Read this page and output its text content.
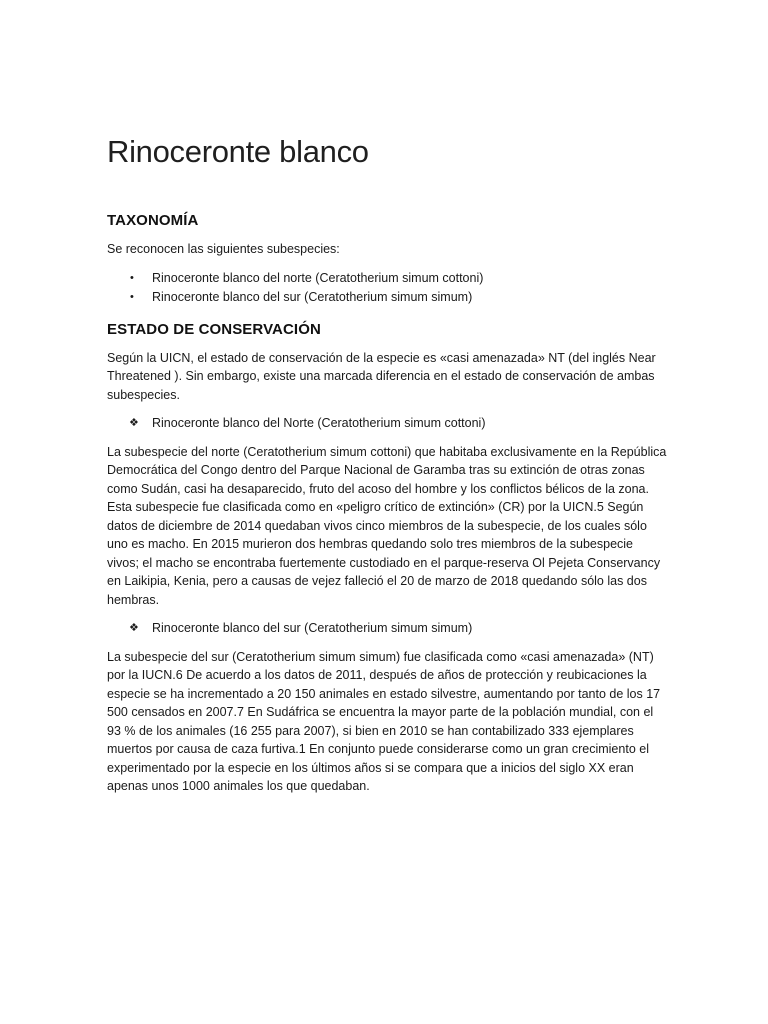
Rinoceronte blanco
TAXONOMÍA

Se reconocen las siguientes subespecies:

•	Rinoceronte blanco del norte (Ceratotherium simum cottoni)
•	Rinoceronte blanco del sur (Ceratotherium simum simum)
ESTADO DE CONSERVACIÓN

Según la UICN, el estado de conservación de la especie es «casi amenazada» NT (del inglés Near Threatened ). Sin embargo, existe una marcada diferencia en el estado de conservación de ambas subespecies.

❖	Rinoceronte blanco del Norte (Ceratotherium simum cottoni)

La subespecie del norte (Ceratotherium simum cottoni) que habitaba exclusivamente en la República Democrática del Congo dentro del Parque Nacional de Garamba tras su extinción de otras zonas como Sudán, casi ha desaparecido, fruto del acoso del hombre y los conflictos bélicos de la zona. Esta subespecie fue clasificada como en «peligro crítico de extinción» (CR) por la UICN.5 Según datos de diciembre de 2014 quedaban vivos cinco miembros de la subespecie, de los cuales sólo uno es macho. En 2015 murieron dos hembras quedando solo tres miembros de la subespecie vivos; el macho se encontraba fuertemente custodiado en el parque-reserva Ol Pejeta Conservancy en Laikipia, Kenia, pero a causas de vejez falleció el 20 de marzo de 2018 quedando sólo las dos hembras.

❖	Rinoceronte blanco del sur (Ceratotherium simum simum)

La subespecie del sur (Ceratotherium simum simum) fue clasificada como «casi amenazada» (NT) por la IUCN.6 De acuerdo a los datos de 2011, después de años de protección y reubicaciones la especie se ha incrementado a 20 150 animales en estado silvestre, aumentando por tanto de los 17 500 censados en 2007.7 En Sudáfrica se encuentra la mayor parte de la población mundial, con el 93 % de los animales (16 255 para 2007), si bien en 2010 se han contabilizado 333 ejemplares muertos por causa de caza furtiva.1 En conjunto puede considerarse como un gran crecimiento el experimentado por la especie en los últimos años si se compara que a inicios del siglo XX eran apenas unos 1000 animales los que quedaban.
